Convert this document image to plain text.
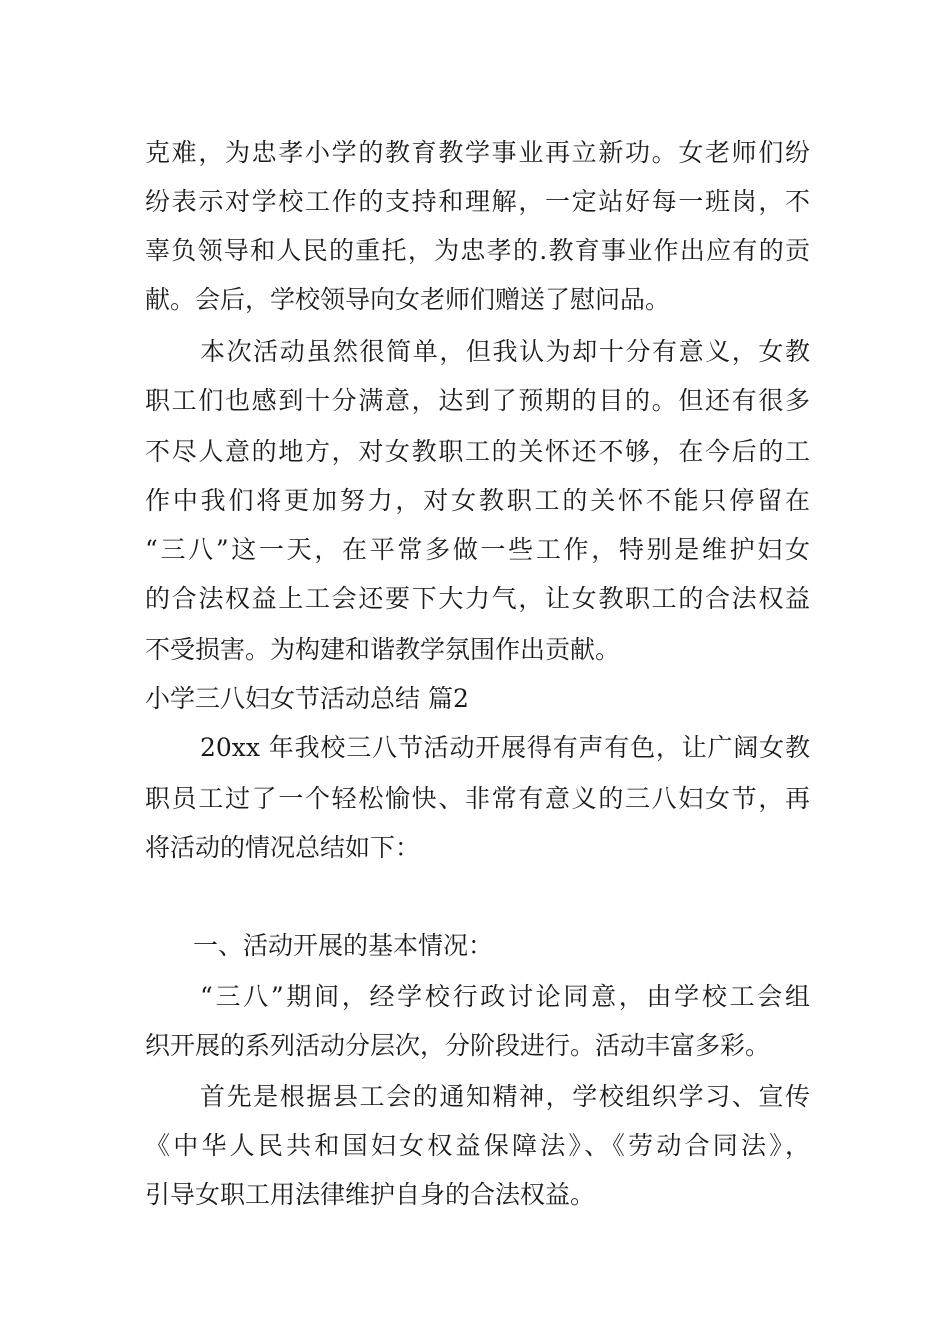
克难，为忠孝小学的教育教学事业再立新功。女老师们纷
纷表示对学校工作的支持和理解，一定站好每一班岗，不
辜负领导和人民的重托，为忠孝的.教育事业作出应有的贡
献。会后，学校领导向女老师们赠送了慰问品。
本次活动虽然很简单，但我认为却十分有意义，女教
职工们也感到十分满意，达到了预期的目的。但还有很多
不尽人意的地方，对女教职工的关怀还不够，在今后的工
作中我们将更加努力，对女教职工的关怀不能只停留在
“三八”这一天，在平常多做一些工作，特别是维护妇女
的合法权益上工会还要下大力气，让女教职工的合法权益
不受损害。为构建和谐教学氛围作出贡献。
小学三八妇女节活动总结 篇2
20xx 年我校三八节活动开展得有声有色，让广阔女教
职员工过了一个轻松愉快、非常有意义的三八妇女节，再
将活动的情况总结如下：
一、活动开展的基本情况：
“三八”期间，经学校行政讨论同意，由学校工会组
织开展的系列活动分层次，分阶段进行。活动丰富多彩。
首先是根据县工会的通知精神，学校组织学习、宣传
《中华人民共和国妇女权益保障法》、《劳动合同法》，
引导女职工用法律维护自身的合法权益。
